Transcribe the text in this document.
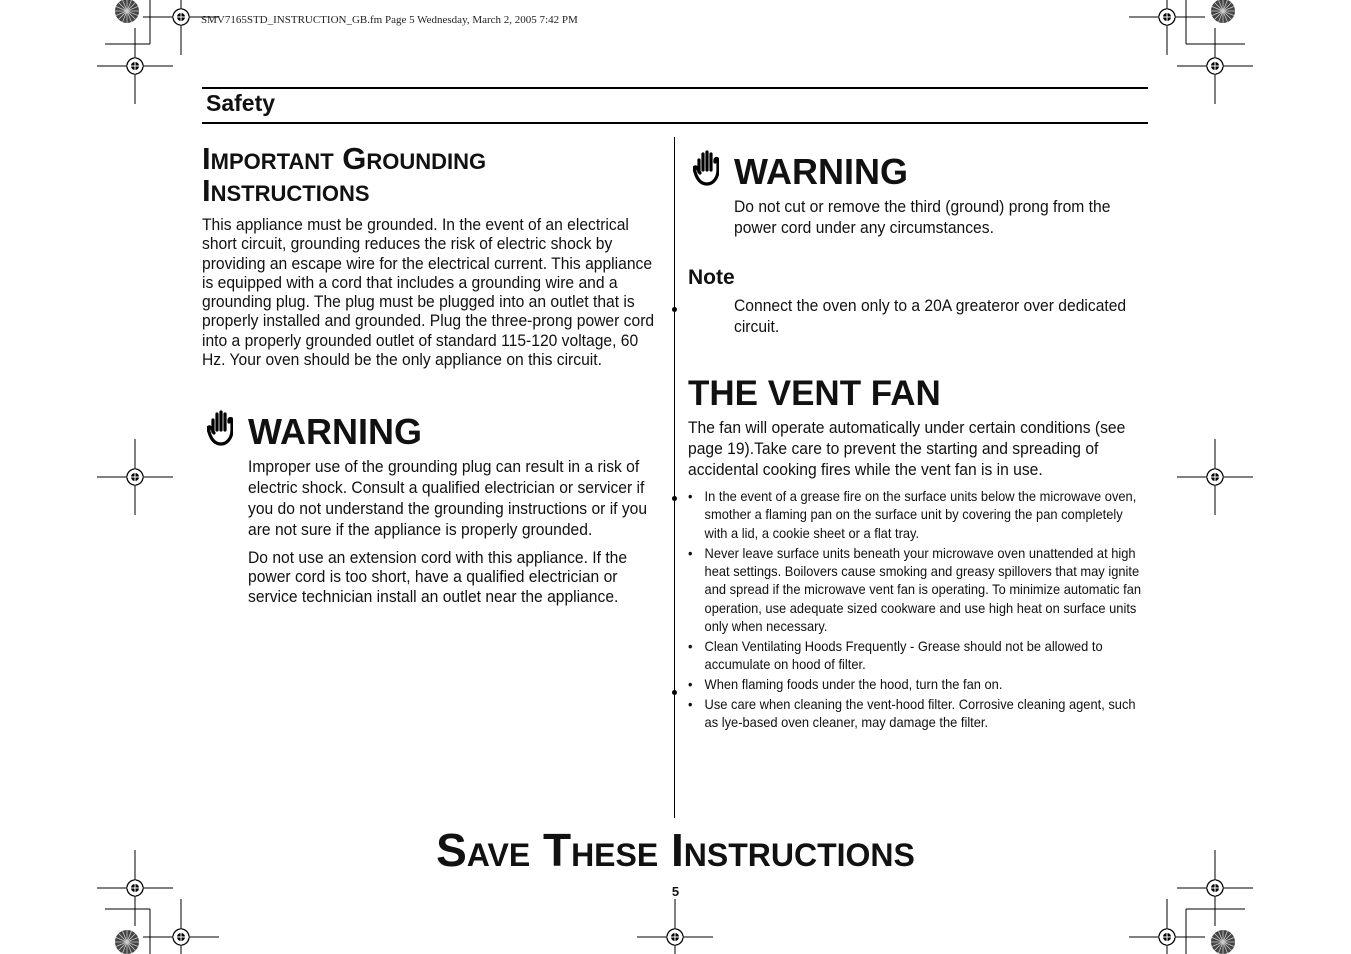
SMV7165STD_INSTRUCTION_GB.fm Page 5 Wednesday, March 2, 2005 7:42 PM
Safety
Important Grounding
Instructions
This appliance must be grounded. In the event of an electrical short circuit, grounding reduces the risk of electric shock by providing an escape wire for the electrical current. This appliance is equipped with a cord that includes a grounding wire and a grounding plug. The plug must be plugged into an outlet that is properly installed and grounded. Plug the three-prong power cord into a properly grounded outlet of standard 115-120 voltage, 60 Hz. Your oven should be the only appliance on this circuit.
WARNING
Improper use of the grounding plug can result in a risk of electric shock. Consult a qualified electrician or servicer if you do not understand the grounding instructions or if you are not sure if the appliance is properly grounded.
Do not use an extension cord with this appliance. If the power cord is too short, have a qualified electrician or service technician install an outlet near the appliance.
WARNING
Do not cut or remove the third (ground) prong from the power cord under any circumstances.
Note
Connect the oven only to a 20A greateror over dedicated circuit.
THE VENT FAN
The fan will operate automatically under certain conditions (see page 19).Take care to prevent the starting and spreading of accidental cooking fires while the vent fan is in use.
• In the event of a grease fire on the surface units below the microwave oven, smother a flaming pan on the surface unit by covering the pan completely with a lid, a cookie sheet or a flat tray.
• Never leave surface units beneath your microwave oven unattended at high heat settings. Boilovers cause smoking and greasy spillovers that may ignite and spread if the microwave vent fan is operating. To minimize automatic fan operation, use adequate sized cookware and use high heat on surface units only when necessary.
• Clean Ventilating Hoods Frequently - Grease should not be allowed to accumulate on hood of filter.
• When flaming foods under the hood, turn the fan on.
• Use care when cleaning the vent-hood filter. Corrosive cleaning agent, such as lye-based oven cleaner, may damage the filter.
Save These Instructions
5
